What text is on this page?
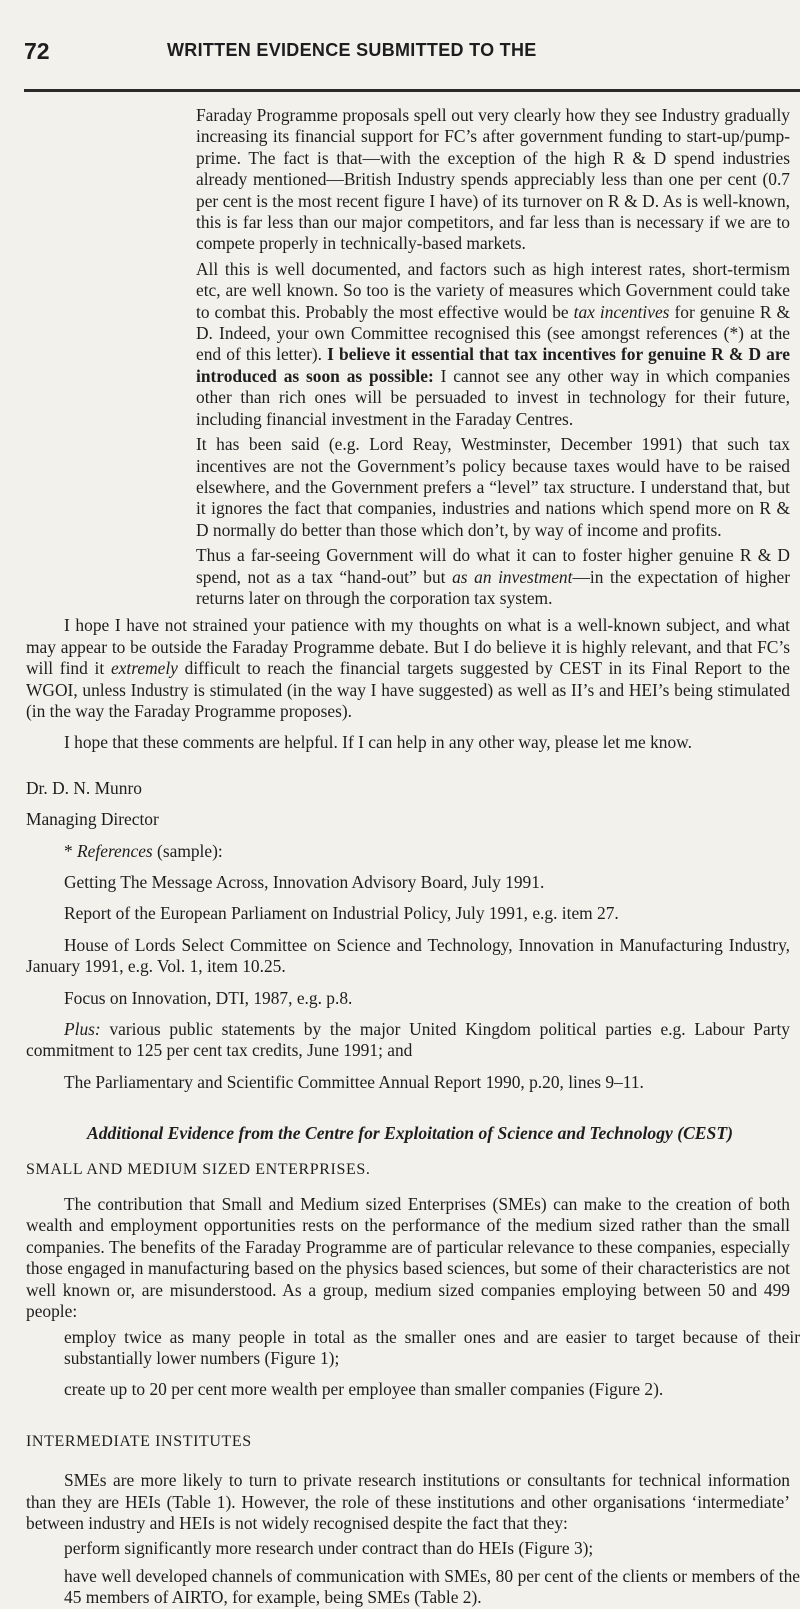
72	WRITTEN EVIDENCE SUBMITTED TO THE

Faraday Programme proposals spell out very clearly how they see Industry gradually increasing its financial support for FC’s after government funding to start-up/pump-prime. The fact is that—with the exception of the high R & D spend industries already mentioned—British Industry spends appreciably less than one per cent (0.7 per cent is the most recent figure I have) of its turnover on R & D. As is well-known, this is far less than our major competitors, and far less than is necessary if we are to compete properly in technically-based markets.

All this is well documented, and factors such as high interest rates, short-termism etc, are well known. So too is the variety of measures which Government could take to combat this. Probably the most effective would be tax incentives for genuine R & D. Indeed, your own Committee recognised this (see amongst references (*) at the end of this letter). I believe it essential that tax incentives for genuine R & D are introduced as soon as possible: I cannot see any other way in which companies other than rich ones will be persuaded to invest in technology for their future, including financial investment in the Faraday Centres.

It has been said (e.g. Lord Reay, Westminster, December 1991) that such tax incentives are not the Government’s policy because taxes would have to be raised elsewhere, and the Government prefers a “level” tax structure. I understand that, but it ignores the fact that companies, industries and nations which spend more on R & D normally do better than those which don’t, by way of income and profits.

Thus a far-seeing Government will do what it can to foster higher genuine R & D spend, not as a tax “hand-out” but as an investment—in the expectation of higher returns later on through the corporation tax system.

I hope I have not strained your patience with my thoughts on what is a well-known subject, and what may appear to be outside the Faraday Programme debate. But I do believe it is highly relevant, and that FC’s will find it extremely difficult to reach the financial targets suggested by CEST in its Final Report to the WGOI, unless Industry is stimulated (in the way I have suggested) as well as II’s and HEI’s being stimulated (in the way the Faraday Programme proposes).

I hope that these comments are helpful. If I can help in any other way, please let me know.

Dr. D. N. Munro

Managing Director

* References (sample):

Getting The Message Across, Innovation Advisory Board, July 1991.

Report of the European Parliament on Industrial Policy, July 1991, e.g. item 27.

House of Lords Select Committee on Science and Technology, Innovation in Manufacturing Industry, January 1991, e.g. Vol. 1, item 10.25.

Focus on Innovation, DTI, 1987, e.g. p.8.

Plus: various public statements by the major United Kingdom political parties e.g. Labour Party commitment to 125 per cent tax credits, June 1991; and

The Parliamentary and Scientific Committee Annual Report 1990, p.20, lines 9–11.

Additional Evidence from the Centre for Exploitation of Science and Technology (CEST)

SMALL AND MEDIUM SIZED ENTERPRISES.

The contribution that Small and Medium sized Enterprises (SMEs) can make to the creation of both wealth and employment opportunities rests on the performance of the medium sized rather than the small companies. The benefits of the Faraday Programme are of particular relevance to these companies, especially those engaged in manufacturing based on the physics based sciences, but some of their characteristics are not well known or, are misunderstood. As a group, medium sized companies employing between 50 and 499 people:

employ twice as many people in total as the smaller ones and are easier to target because of their substantially lower numbers (Figure 1);

create up to 20 per cent more wealth per employee than smaller companies (Figure 2).

INTERMEDIATE INSTITUTES

SMEs are more likely to turn to private research institutions or consultants for technical information than they are HEIs (Table 1). However, the role of these institutions and other organisations ‘intermediate’ between industry and HEIs is not widely recognised despite the fact that they:

perform significantly more research under contract than do HEIs (Figure 3);

have well developed channels of communication with SMEs, 80 per cent of the clients or members of the 45 members of AIRTO, for example, being SMEs (Table 2).
